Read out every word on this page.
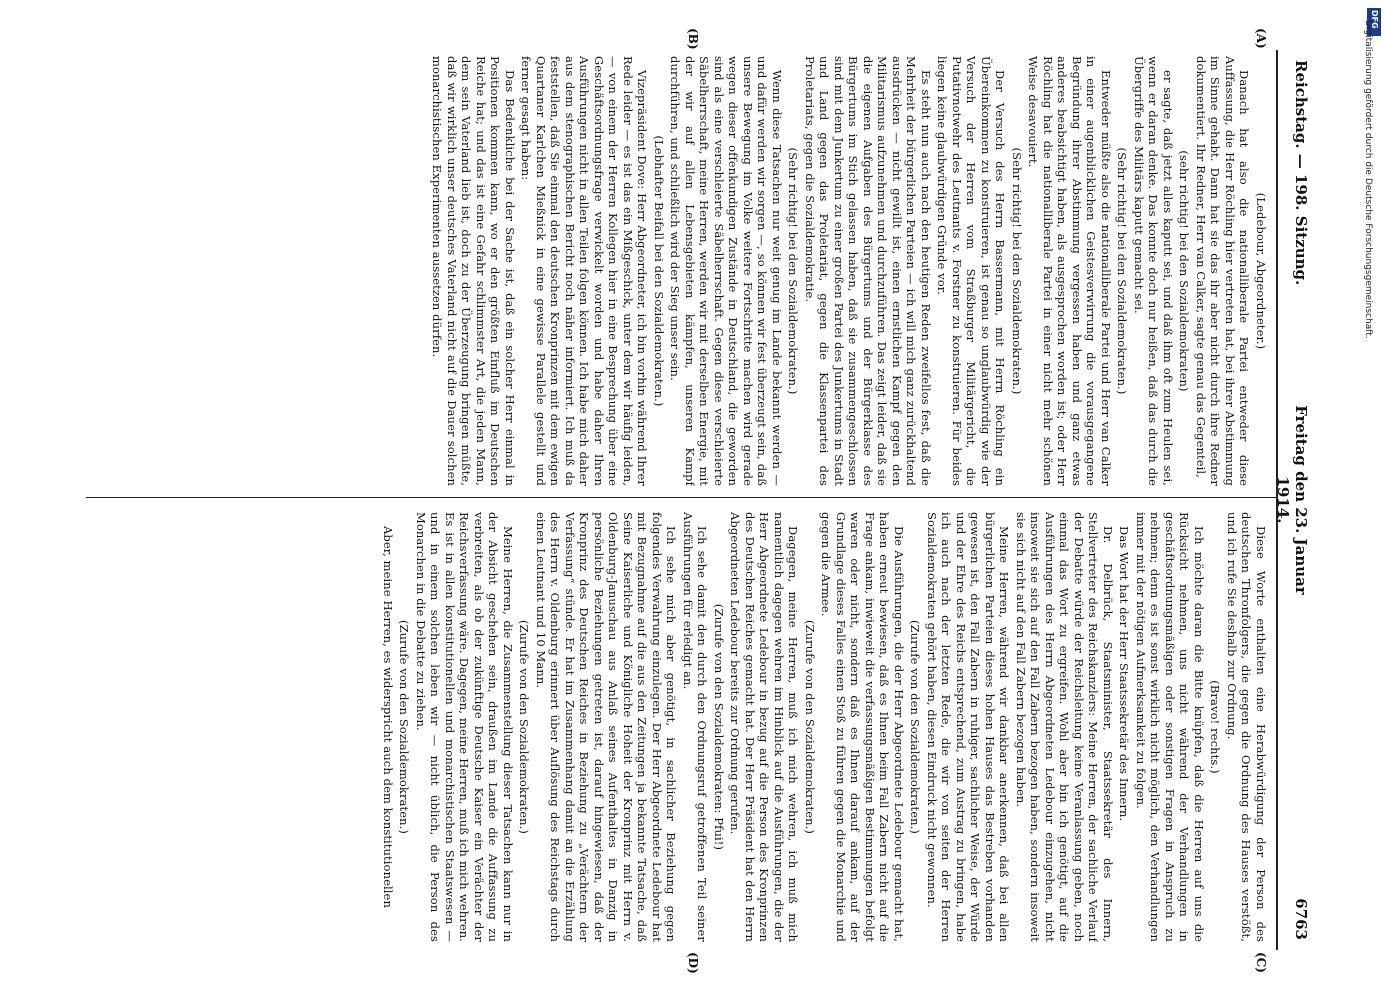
Reichstag. — 198. Sitzung.
Freitag den 23. Januar 1914.
6763

(Ledebour, Abgeordneter.)

Danach hat also die nationalliberale Partei entweder diese Auffassung, die Herr Röchling hier vertreten hat, bei ihrer Abstimmung im Sinne gehabt. Dann hat sie das ihr aber nicht durch ihre Redner dokumentiert. Ihr Redner, Herr van Calker, sagte genau das Gegenteil,

(sehr richtig! bei den Sozialdemokraten)

er sagte, daß jetzt alles kaputt sei, und daß ihm oft zum Heulen sei, wenn er daran denke. Das konnte doch nur heißen, daß das durch die Übergriffe des Militärs kaputt gemacht sei.

(Sehr richtig! bei den Sozialdemokraten.)

Entweder müßte also die nationalliberale Partei und Herr van Calker in einer augenblicklichen Geistesverwirrung die vorausgegangene Begründung ihrer Abstimmung vergessen haben und ganz etwas anderes beabsichtigt haben, als ausgesprochen worden ist; oder Herr Röchling hat die nationalliberale Partei in einer nicht mehr schönen Weise desavouiert.

(Sehr richtig! bei den Sozialdemokraten.)

Der Versuch des Herrn Bassermann, mit Herrn Röchling ein Übereinkommen zu konstruieren, ist genau so unglaubwürdig wie der Versuch der Herren vom Straßburger Militärgericht, die Putativnotwehr des Leutnants v. Forstner zu konstruieren. Für beides liegen keine glaubwürdigen Gründe vor.

Es steht nun auch nach den heutigen Reden zweifellos fest, daß die Mehrheit der bürgerlichen Parteien — ich will mich ganz zurückhaltend ausdrücken — nicht gewillt ist, einen ernstlichen Kampf gegen den Militarismus aufzunehmen und durchzuführen. Das zeigt leider, daß sie die eigenen Aufgaben des Bürgertums und der Bürgerklasse des Bürgertums im Stich gelassen haben, daß sie zusammengeschlossen sind mit dem Junkertum zu einer großen Partei des Junkertums in Stadt und Land gegen das Proletariat, gegen die Klassenpartei des Proletariats, gegen die Sozialdemokratie.

(Sehr richtig! bei den Sozialdemokraten.)

Wenn diese Tatsachen nur weit genug im Lande bekannt werden — und dafür werden wir sorgen —, so können wir fest überzeugt sein, daß unsere Bewegung im Volke weitere Fortschritte machen wird gerade wegen dieser offenkundigen Zustände in Deutschland, die geworden sind als eine verschleierte Säbelherrschaft. Gegen diese verschleierte Säbelherrschaft, meine Herren, werden wir mit derselben Energie, mit der wir auf allen Lebensgebieten kämpfen, unseren Kampf durchführen, und schließlich wird der Sieg unser sein.

(Lebhafter Beifall bei den Sozialdemokraten.)

Vizepräsident Dove: Herr Abgeordneter, ich bin vorhin während Ihrer Rede leider — es ist das ein Mißgeschick, unter dem wir häufig leiden, — von einem der Herren Kollegen hier in eine Besprechung über eine Geschäftsordnungsfrage verwickelt worden und habe daher Ihren Ausführungen nicht in allen Teilen folgen können. Ich habe mich daher aus dem stenographischen Bericht noch näher informiert. Ich muß da feststellen, daß Sie einmal den deutschen Kronprinzen mit dem ewigen Quartaner Karlchen Mießnick in eine gewisse Parallele gestellt und ferner gesagt haben:

Das Bedenkliche bei der Sache ist, daß ein solcher Herr einmal in Positionen kommen kann, wo er den größten Einfluß im Deutschen Reiche hat; und das ist eine Gefahr schlimmster Art, die jeden Mann, dem sein Vaterland lieb ist, doch zu der Überzeugung bringen müßte, daß wir wirklich unser deutsches Vaterland nicht auf die Dauer solchen monarchistischen Experimenten aussetzen dürfen.

Diese Worte enthalten eine Herabwürdigung der Person des deutschen Thronfolgers, die gegen die Ordnung des Hauses verstößt, und ich rufe Sie deshalb zur Ordnung.

(Bravo! rechts.)

Ich möchte daran die Bitte knüpfen, daß die Herren auf uns die Rücksicht nehmen, uns nicht während der Verhandlungen in geschäftsordnungsmäßigen oder sonstigen Fragen in Anspruch zu nehmen; denn es ist sonst wirklich nicht möglich, den Verhandlungen immer mit der nötigen Aufmerksamkeit zu folgen.

Das Wort hat der Herr Staatssekretär des Innern.

Dr. Delbrück, Staatsminister, Staatssekretär des Innern, Stellvertreter des Reichskanzlers: Meine Herren, der sachliche Verlauf der Debatte würde der Reichsleitung keine Veranlassung geben, noch einmal das Wort zu ergreifen. Wohl aber bin ich genötigt, auf die Ausführungen des Herrn Abgeordneten Ledebour einzugehen, nicht insoweit sie sich auf den Fall Zabern bezogen haben, sondern insoweit sie sich nicht auf den Fall Zabern bezogen haben.

Meine Herren, während wir dankbar anerkennen, daß bei allen bürgerlichen Parteien dieses hohen Hauses das Bestreben vorhanden gewesen ist, den Fall Zabern in ruhiger, sachlicher Weise, der Würde und der Ehre des Reichs entsprechend, zum Austrag zu bringen, habe ich auch nach der letzten Rede, die wir von seiten der Herren Sozialdemokraten gehört haben, diesen Eindruck nicht gewonnen.

(Zurufe von den Sozialdemokraten.)

Die Ausführungen, die der Herr Abgeordnete Ledebour gemacht hat, haben erneut bewiesen, daß es Ihnen beim Fall Zabern nicht auf die Frage ankam, inwieweit die verfassungsmäßigen Bestimmungen befolgt waren oder nicht, sondern daß es Ihnen darauf ankam, auf der Grundlage dieses Falles einen Stoß zu führen gegen die Monarchie und gegen die Armee.

(Zurufe von den Sozialdemokraten.)

Dagegen, meine Herren, muß ich mich wehren, ich muß mich namentlich dagegen wehren im Hinblick auf die Ausführungen, die der Herr Abgeordnete Ledebour in bezug auf die Person des Kronprinzen des Deutschen Reiches gemacht hat. Der Herr Präsident hat den Herrn Abgeordneten Ledebour bereits zur Ordnung gerufen.

(Zurufe von den Sozialdemokraten: Pfui!)

Ich sehe damit den durch den Ordnungsruf getroffenen Teil seiner Ausführungen für erledigt an.

Ich sehe mich aber genötigt, in sachlicher Beziehung gegen folgendes Verwahrung einzulegen. Der Herr Abgeordnete Ledebour hat mit Bezugnahme auf die aus den Zeitungen ja bekannte Tatsache, daß Seine Kaiserliche und Königliche Hoheit der Kronprinz mit Herrn v. Oldenburg-Januschau aus Anlaß seines Aufenthaltes in Danzig in persönliche Beziehungen getreten ist, darauf hingewiesen, daß der Kronprinz des Deutschen Reiches in Beziehung zu „Verächtern der Verfassung“ stünde. Er hat im Zusammenhang damit an die Erzählung des Herrn v. Oldenburg erinnert über Auflösung des Reichstags durch einen Leutnant und 10 Mann.

(Zurufe von den Sozialdemokraten.)

Meine Herren, die Zusammenstellung dieser Tatsachen kann nur in der Absicht geschehen sein, draußen im Lande die Auffassung zu verbreiten, als ob der zukünftige Deutsche Kaiser ein Verächter der Reichsverfassung wäre. Dagegen, meine Herren, muß ich mich wehren. Es ist in allen konstitutionellen und monarchistischen Staatswesen — und in einem solchen leben wir — nicht üblich, die Person des Monarchen in die Debatte zu ziehen.

(Zurufe von den Sozialdemokraten.)

Aber, meine Herren, es widerspricht auch dem konstitutionellen

(A)
(B)
(C)
(D)
DFG
Digitalisierung gefördert durch die Deutsche Forschungsgemeinschaft.
